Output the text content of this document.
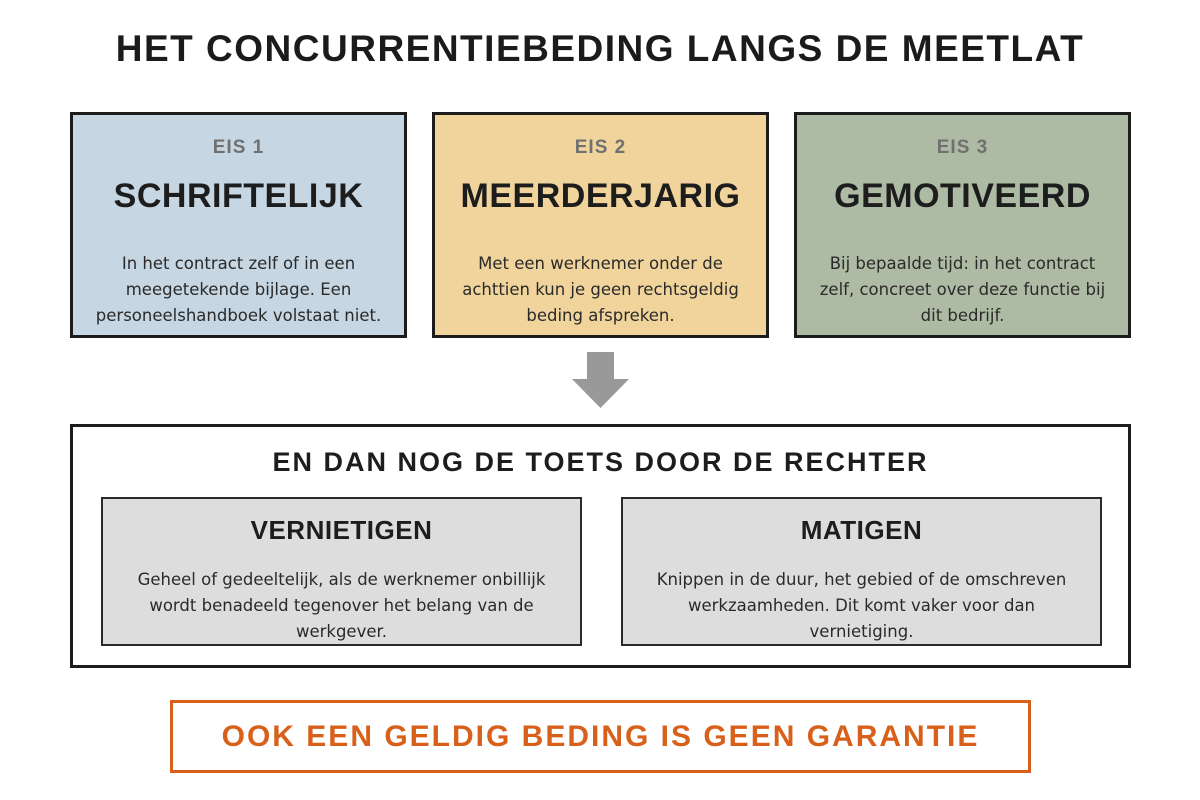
HET CONCURRENTIEBEDING LANGS DE MEETLAT
EIS 1
SCHRIFTELIJK
In het contract zelf of in een meegetekende bijlage. Een personeelshandboek volstaat niet.
EIS 2
MEERDERJARIG
Met een werknemer onder de achttien kun je geen rechtsgeldig beding afspreken.
EIS 3
GEMOTIVEERD
Bij bepaalde tijd: in het contract zelf, concreet over deze functie bij dit bedrijf.
EN DAN NOG DE TOETS DOOR DE RECHTER
VERNIETIGEN
Geheel of gedeeltelijk, als de werknemer onbillijk wordt benadeeld tegenover het belang van de werkgever.
MATIGEN
Knippen in de duur, het gebied of de omschreven werkzaamheden. Dit komt vaker voor dan vernietiging.
OOK EEN GELDIG BEDING IS GEEN GARANTIE
